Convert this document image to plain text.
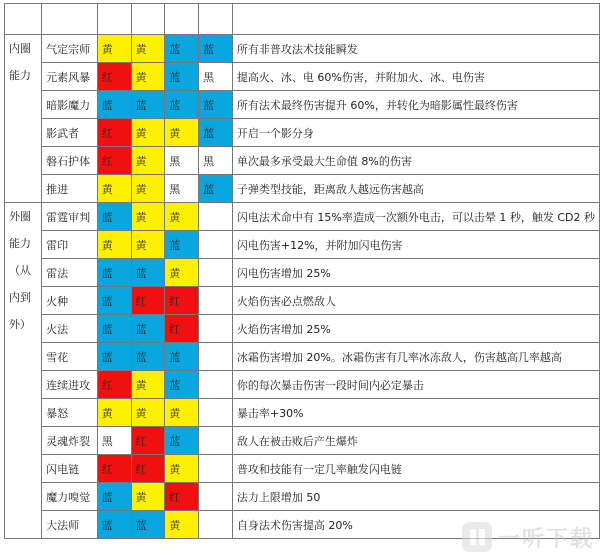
内圈能力	气定宗师	黄	黄	蓝	蓝	所有非普攻法术技能瞬发
	元素风暴	红	黄	蓝	黑	提高火、冰、电 60%伤害，并附加火、冰、电伤害
	暗影魔力	蓝	蓝	蓝	蓝	所有法术最终伤害提升 60%，并转化为暗影属性最终伤害
	影武者	红	黄	黄	蓝	开启一个影分身
	磐石护体	红	黄	黑	黑	单次最多承受最大生命值 8%的伤害
	推进	黄	黄	黑	蓝	子弹类型技能，距离敌人越远伤害越高
外圈能力（从内到外）	雷霆审判	蓝	黄	黄		闪电法术命中有 15%率造成一次额外电击，可以击晕 1 秒，触发 CD2 秒
	雷印	黄	黄	蓝		闪电伤害+12%，并附加闪电伤害
	雷法	蓝	蓝	黄		闪电伤害增加 25%
	火种	蓝	红	红		火焰伤害必点燃敌人
	火法	蓝	蓝	红		火焰伤害增加 25%
	雪花	蓝	蓝	蓝		冰霜伤害增加 20%。冰霜伤害有几率冰冻敌人，伤害越高几率越高
	连续进攻	红	黄	蓝		你的每次暴击伤害一段时间内必定暴击
	暴怒	黄	黄	黄		暴击率+30%
	灵魂炸裂	黑	红	蓝		敌人在被击败后产生爆炸
	闪电链	红	红	黄		普攻和技能有一定几率触发闪电链
	魔力嗅觉	蓝	黄	红		法力上限增加 50
	大法师	蓝	蓝	黄		自身法术伤害提高 20%
一听下载
